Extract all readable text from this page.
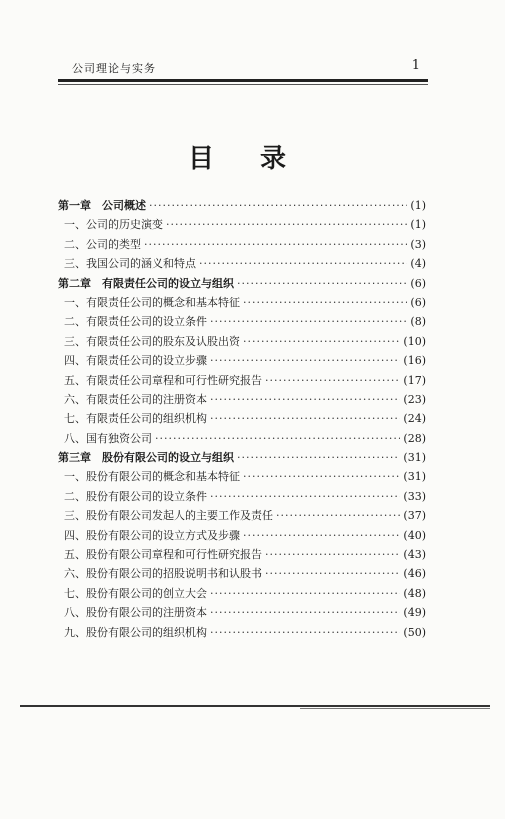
公司理论与实务	1
目录
第一章　公司概述 ·····	(1)
一、公司的历史演变 ·····	(1)
二、公司的类型 ·····	(3)
三、我国公司的涵义和特点 ·····	(4)
第二章　有限责任公司的设立与组织 ·····	(6)
一、有限责任公司的概念和基本特征 ·····	(6)
二、有限责任公司的设立条件 ·····	(8)
三、有限责任公司的股东及认股出资 ·····	(10)
四、有限责任公司的设立步骤 ·····	(16)
五、有限责任公司章程和可行性研究报告 ·····	(17)
六、有限责任公司的注册资本 ·····	(23)
七、有限责任公司的组织机构 ·····	(24)
八、国有独资公司 ·····	(28)
第三章　股份有限公司的设立与组织 ·····	(31)
一、股份有限公司的概念和基本特征 ·····	(31)
二、股份有限公司的设立条件 ·····	(33)
三、股份有限公司发起人的主要工作及责任 ·····	(37)
四、股份有限公司的设立方式及步骤 ·····	(40)
五、股份有限公司章程和可行性研究报告 ·····	(43)
六、股份有限公司的招股说明书和认股书 ·····	(46)
七、股份有限公司的创立大会 ·····	(48)
八、股份有限公司的注册资本 ·····	(49)
九、股份有限公司的组织机构 ·····	(50)
